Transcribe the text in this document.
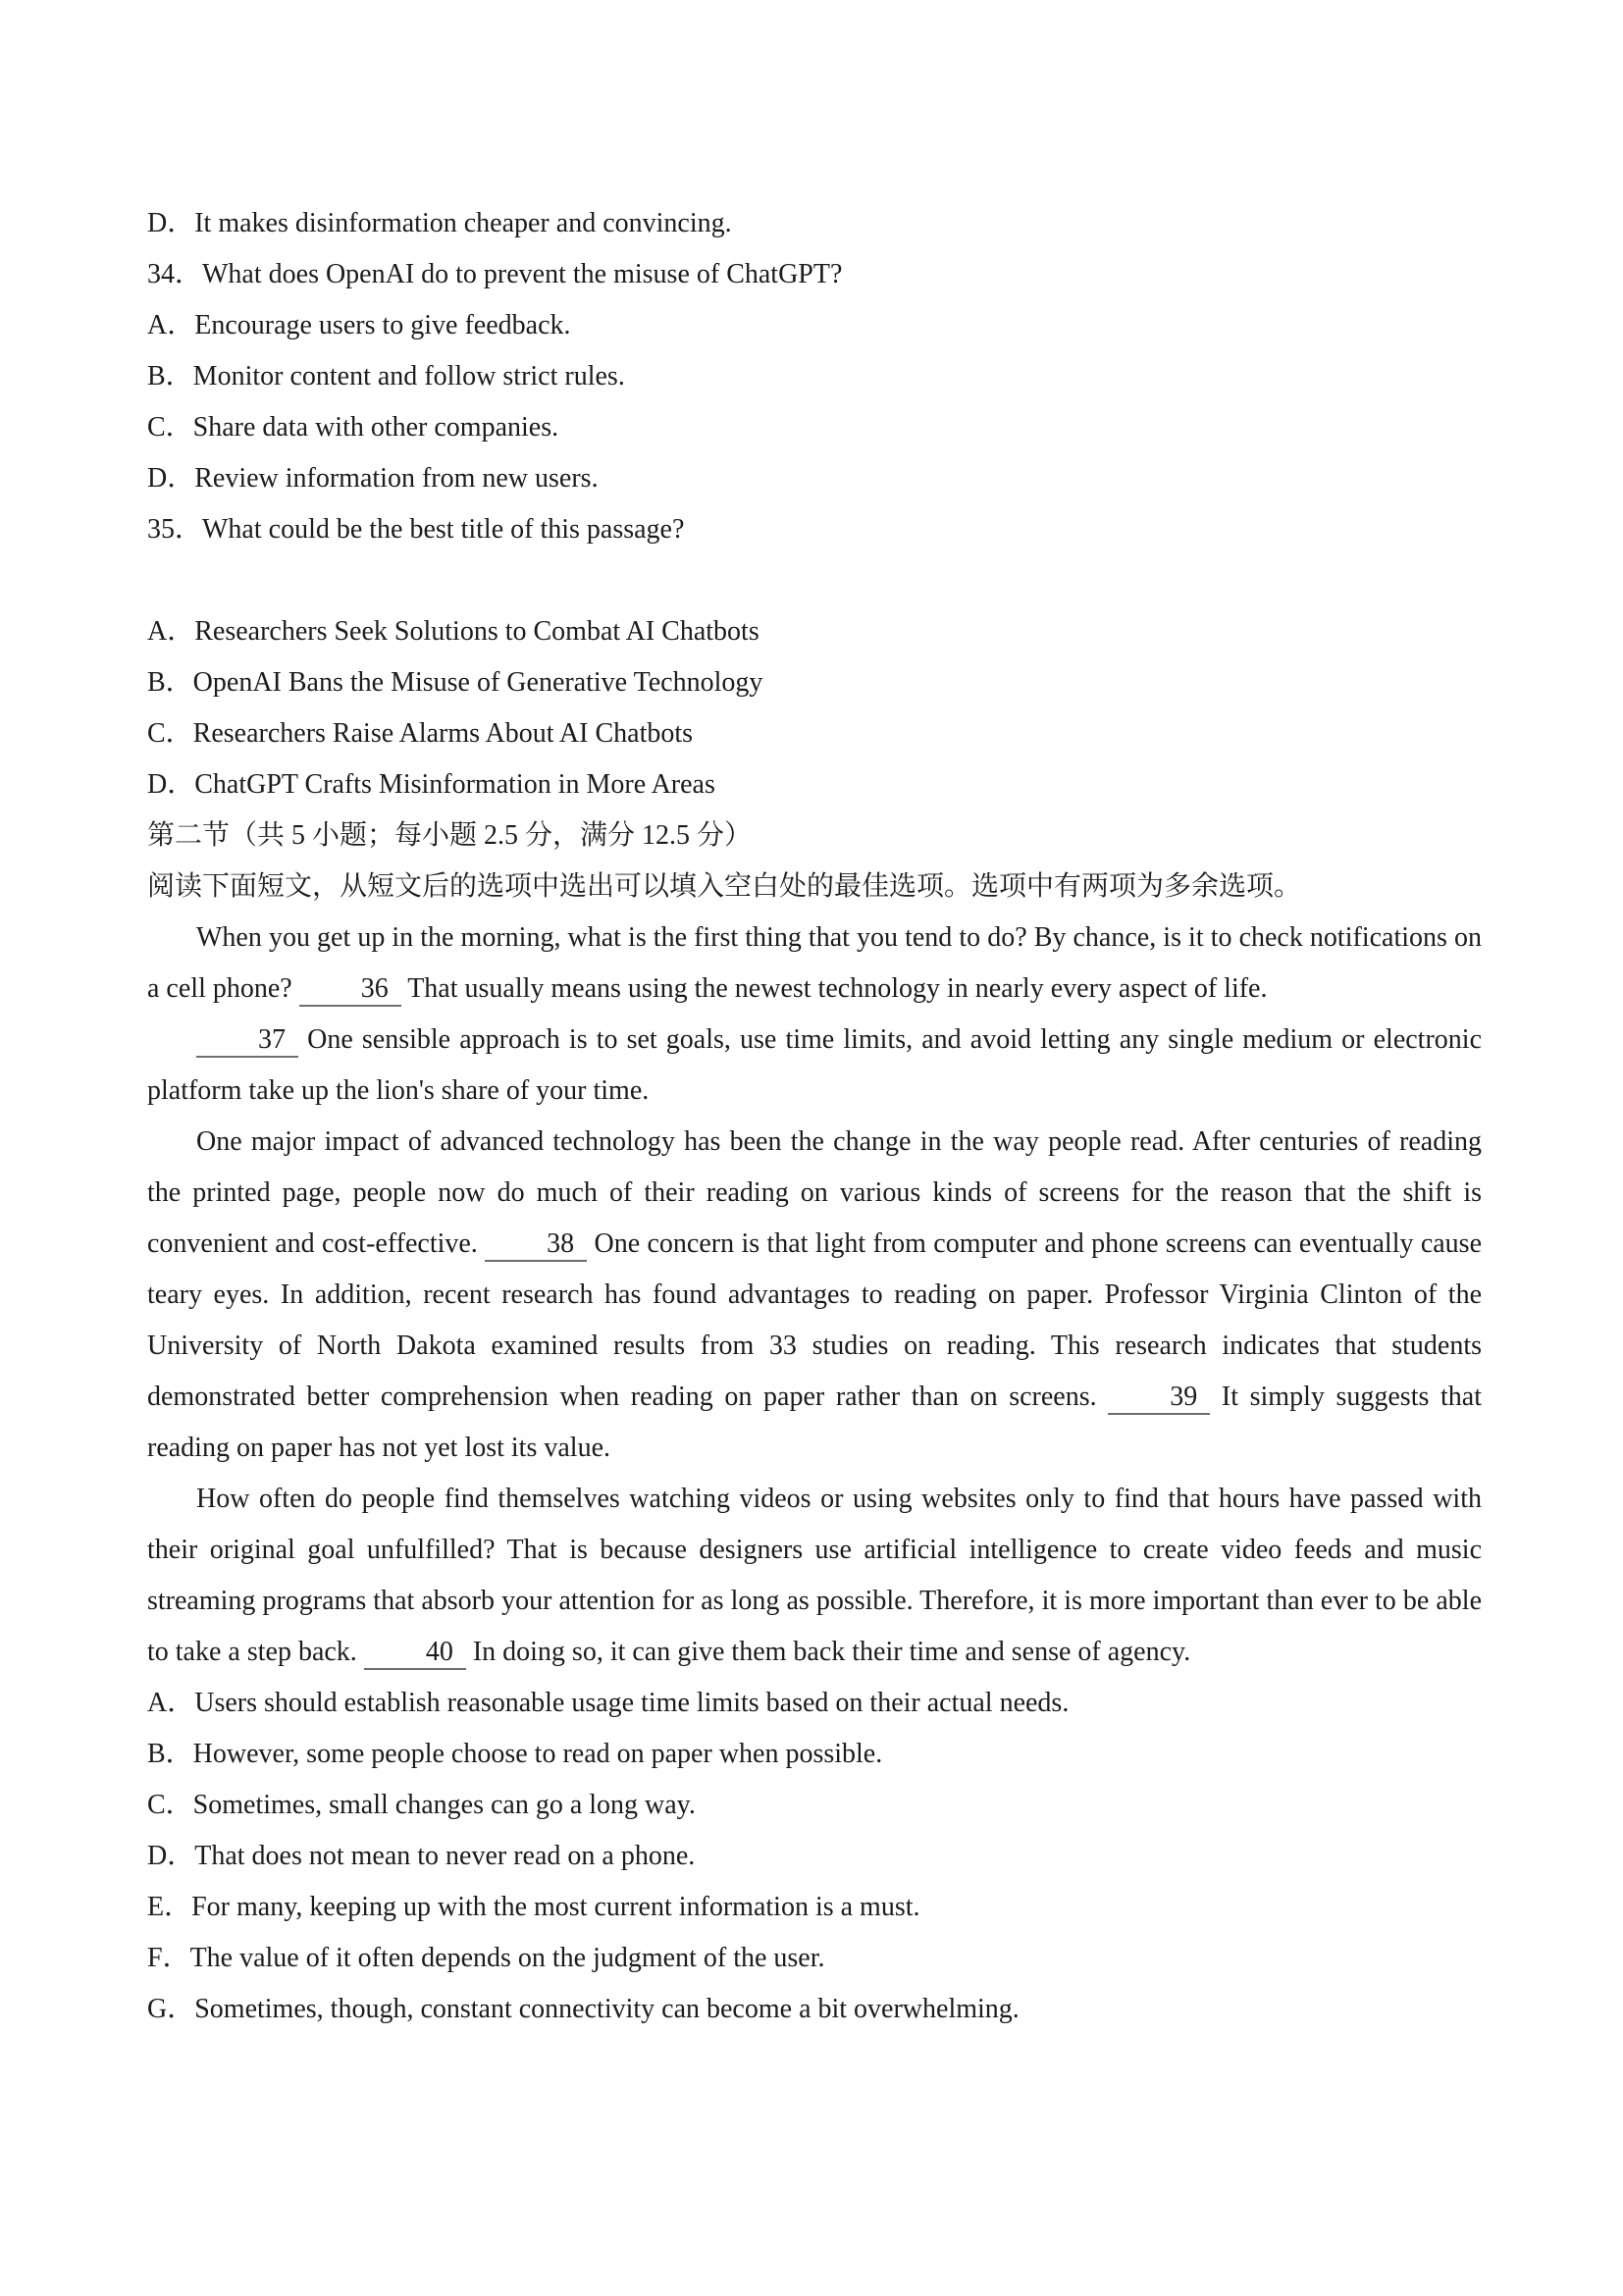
D．It makes disinformation cheaper and convincing.
34．What does OpenAI do to prevent the misuse of ChatGPT?
A．Encourage users to give feedback.
B．Monitor content and follow strict rules.
C．Share data with other companies.
D．Review information from new users.
35．What could be the best title of this passage?
A．Researchers Seek Solutions to Combat AI Chatbots
B．OpenAI Bans the Misuse of Generative Technology
C．Researchers Raise Alarms About AI Chatbots
D．ChatGPT Crafts Misinformation in More Areas
第二节（共 5 小题；每小题 2.5 分，满分 12.5 分）
阅读下面短文，从短文后的选项中选出可以填入空白处的最佳选项。选项中有两项为多余选项。

When you get up in the morning, what is the first thing that you tend to do? By chance, is it to check notifications on a cell phone? 36 That usually means using the newest technology in nearly every aspect of life.

37 One sensible approach is to set goals, use time limits, and avoid letting any single medium or electronic platform take up the lion's share of your time.

One major impact of advanced technology has been the change in the way people read. After centuries of reading the printed page, people now do much of their reading on various kinds of screens for the reason that the shift is convenient and cost-effective. 38 One concern is that light from computer and phone screens can eventually cause teary eyes. In addition, recent research has found advantages to reading on paper. Professor Virginia Clinton of the University of North Dakota examined results from 33 studies on reading. This research indicates that students demonstrated better comprehension when reading on paper rather than on screens. 39 It simply suggests that reading on paper has not yet lost its value.

How often do people find themselves watching videos or using websites only to find that hours have passed with their original goal unfulfilled? That is because designers use artificial intelligence to create video feeds and music streaming programs that absorb your attention for as long as possible. Therefore, it is more important than ever to be able to take a step back. 40 In doing so, it can give them back their time and sense of agency.

A．Users should establish reasonable usage time limits based on their actual needs.
B．However, some people choose to read on paper when possible.
C．Sometimes, small changes can go a long way.
D．That does not mean to never read on a phone.
E．For many, keeping up with the most current information is a must.
F．The value of it often depends on the judgment of the user.
G．Sometimes, though, constant connectivity can become a bit overwhelming.
